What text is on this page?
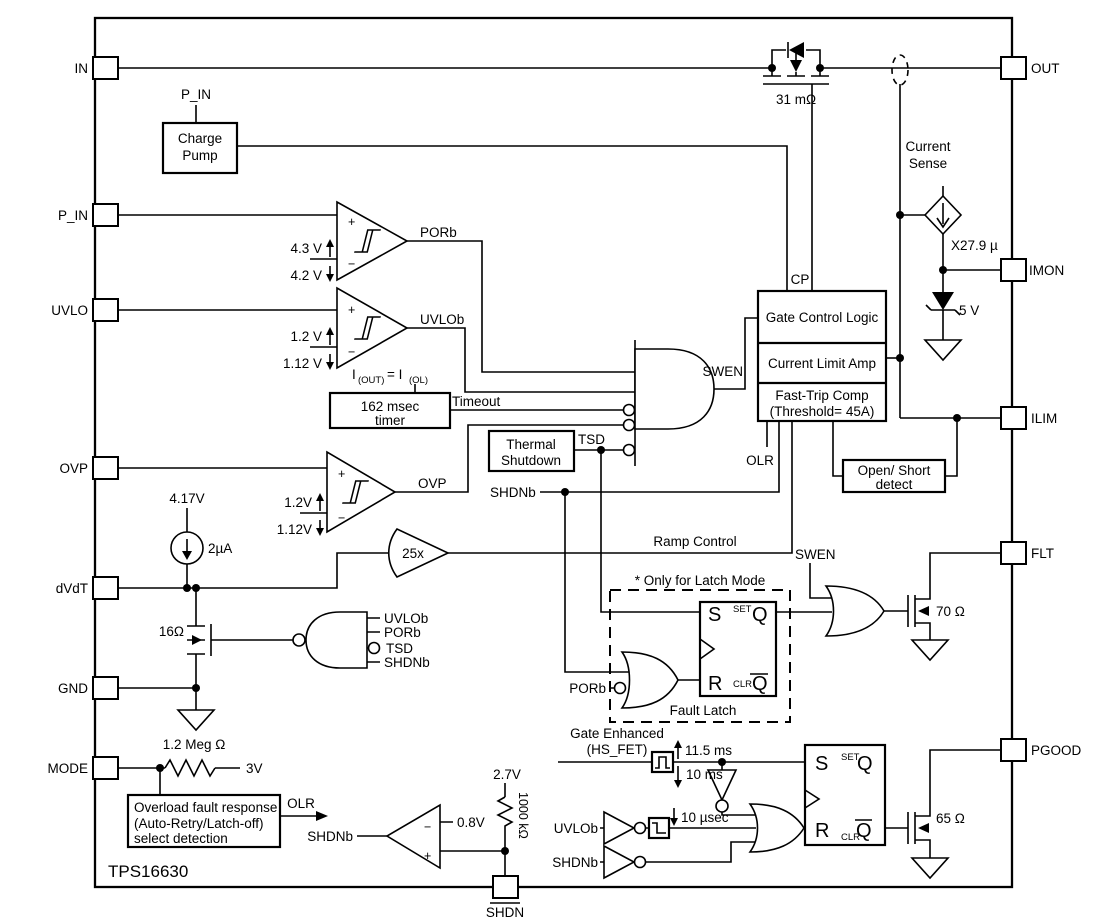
IN
P_IN
UVLO
OVP
dVdT
GND
MODE
OUT
IMON
ILIM
FLT
PGOOD
SHDN
P_IN
Charge
Pump
31 mΩ
Current
Sense
X27.9 µ
5 V
CP
+
−
PORb
4.3 V
4.2 V
+
−
UVLOb
1.2 V
1.12 V
+
−
OVP
1.2V
1.12V
I (OUT) = I (OL)
162 msec
timer
Timeout
Thermal
Shutdown
TSD
SWEN
Gate Control Logic
Current Limit Amp
Fast-Trip Comp
(Threshold= 45A)
OLR
Open/ Short
detect
SHDNb
4.17V
2µA	25x
Ramp Control
SWEN
16Ω
UVLOb
PORb
TSD
SHDNb
* Only for Latch Mode
S SET Q
R CLR Q
Fault Latch
PORb
70 Ω
1.2 Meg Ω
3V
Overload fault response
(Auto-Retry/Latch-off)
select detection
OLR
SHDNb
TPS16630
−
+
0.8V
2.7V
1000 kΩ
Gate Enhanced
(HS_FET)	11.5 ms
10 ms
10 µsec
UVLOb
SHDNb
S SET
Q
R CLR
Q
65 Ω
